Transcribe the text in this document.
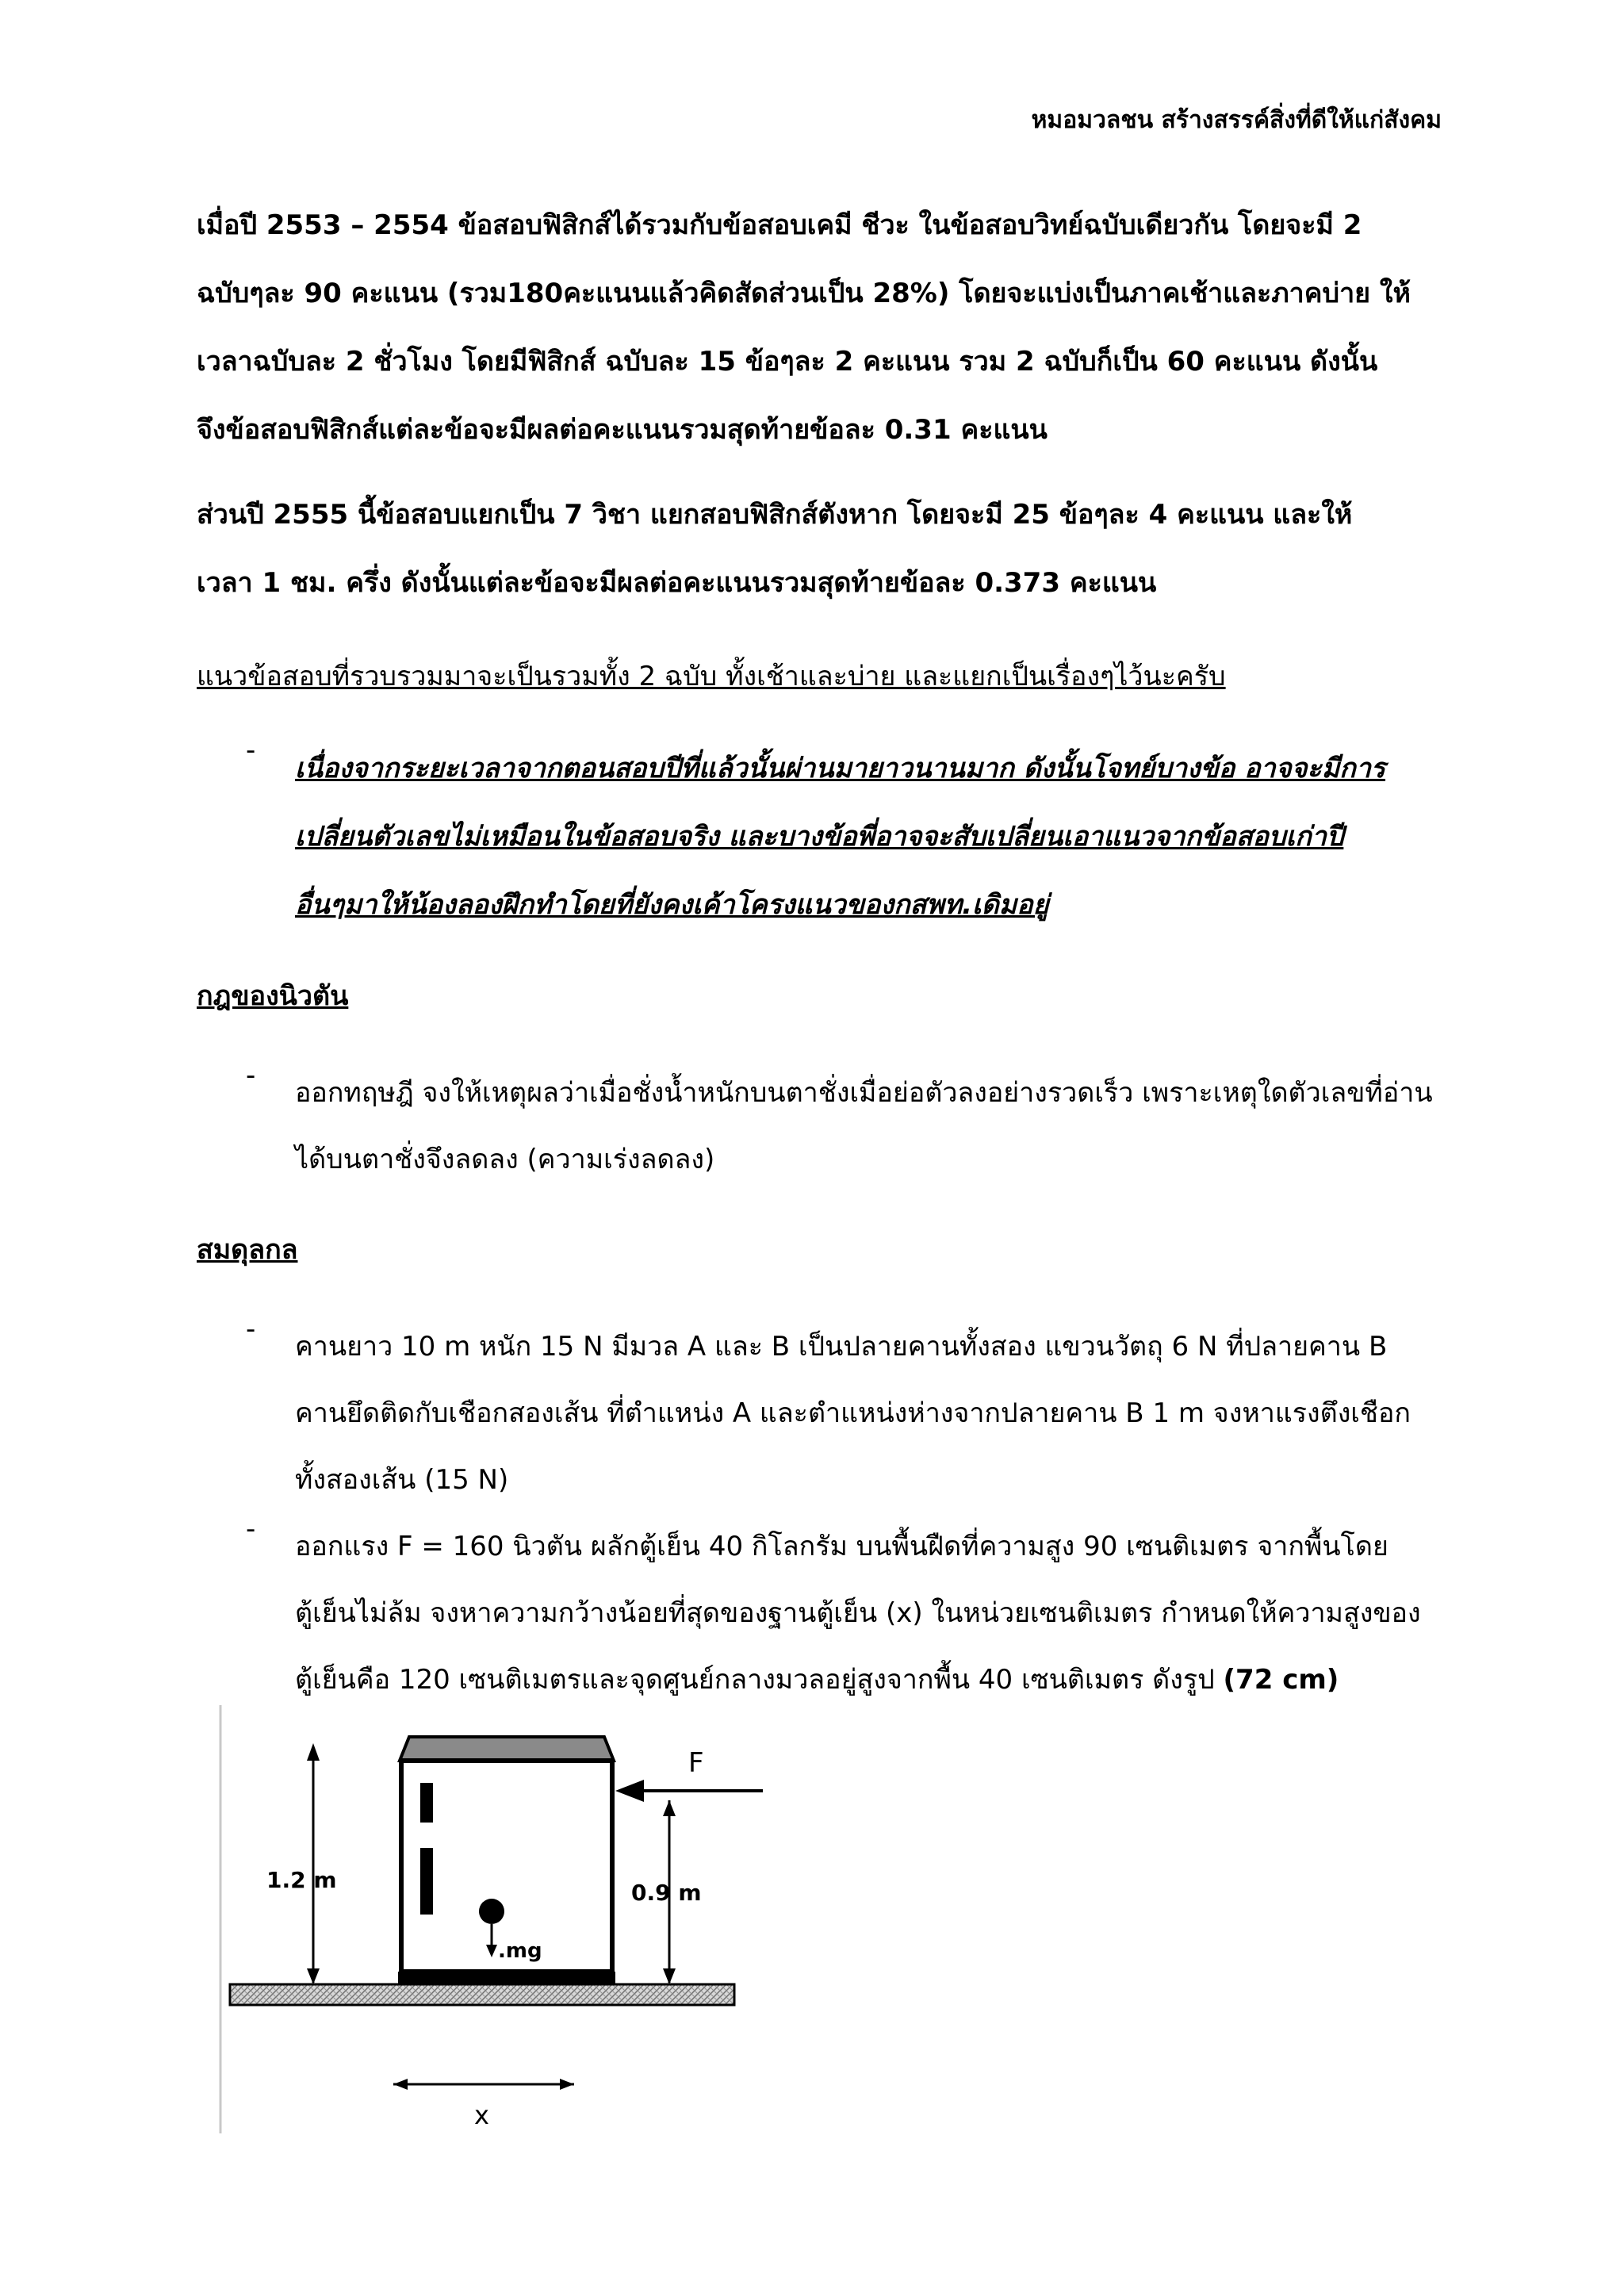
หมอมวลชน สร้างสรรค์สิ่งที่ดีให้แก่สังคม
เมื่อปี 2553 – 2554 ข้อสอบฟิสิกส์ได้รวมกับข้อสอบเคมี ชีวะ ในข้อสอบวิทย์ฉบับเดียวกัน โดยจะมี 2
ฉบับๆละ 90 คะแนน (รวม180คะแนนแล้วคิดสัดส่วนเป็น 28%) โดยจะแบ่งเป็นภาคเช้าและภาคบ่าย ให้
เวลาฉบับละ 2 ชั่วโมง โดยมีฟิสิกส์ ฉบับละ 15 ข้อๆละ 2 คะแนน รวม 2 ฉบับก็เป็น 60 คะแนน ดังนั้น
จึงข้อสอบฟิสิกส์แต่ละข้อจะมีผลต่อคะแนนรวมสุดท้ายข้อละ 0.31 คะแนน
ส่วนปี 2555 นี้ข้อสอบแยกเป็น 7 วิชา แยกสอบฟิสิกส์ตังหาก โดยจะมี 25 ข้อๆละ 4 คะแนน และให้
เวลา 1 ชม. ครึ่ง ดังนั้นแต่ละข้อจะมีผลต่อคะแนนรวมสุดท้ายข้อละ 0.373 คะแนน
แนวข้อสอบที่รวบรวมมาจะเป็นรวมทั้ง 2 ฉบับ ทั้งเช้าและบ่าย และแยกเป็นเรื่องๆไว้นะครับ
-
เนื่องจากระยะเวลาจากตอนสอบปีที่แล้วนั้นผ่านมายาวนานมาก ดังนั้นโจทย์บางข้อ อาจจะมีการ
เปลี่ยนตัวเลขไม่เหมือนในข้อสอบจริง และบางข้อพี่อาจจะสับเปลี่ยนเอาแนวจากข้อสอบเก่าปี
อื่นๆมาให้น้องลองฝึกทำโดยที่ยังคงเค้าโครงแนวของกสพท.เดิมอยู่
กฎของนิวตัน
-
ออกทฤษฎี จงให้เหตุผลว่าเมื่อชั่งน้ำหนักบนตาชั่งเมื่อย่อตัวลงอย่างรวดเร็ว เพราะเหตุใดตัวเลขที่อ่าน
ได้บนตาชั่งจึงลดลง (ความเร่งลดลง)
สมดุลกล
-
คานยาว 10 m หนัก 15 N มีมวล A และ B เป็นปลายคานทั้งสอง แขวนวัตถุ 6 N ที่ปลายคาน B
คานยึดติดกับเชือกสองเส้น ที่ตำแหน่ง A และตำแหน่งห่างจากปลายคาน B 1 m จงหาแรงตึงเชือก
ทั้งสองเส้น (15 N)
-
ออกแรง F = 160 นิวตัน ผลักตู้เย็น 40 กิโลกรัม บนพื้นฝืดที่ความสูง 90 เซนติเมตร จากพื้นโดย
ตู้เย็นไม่ล้ม จงหาความกว้างน้อยที่สุดของฐานตู้เย็น (x) ในหน่วยเซนติเมตร กำหนดให้ความสูงของ
ตู้เย็นคือ 120 เซนติเมตรและจุดศูนย์กลางมวลอยู่สูงจากพื้น 40 เซนติเมตร ดังรูป (72 cm)
.mg
1.2 m
F
0.9 m
x
